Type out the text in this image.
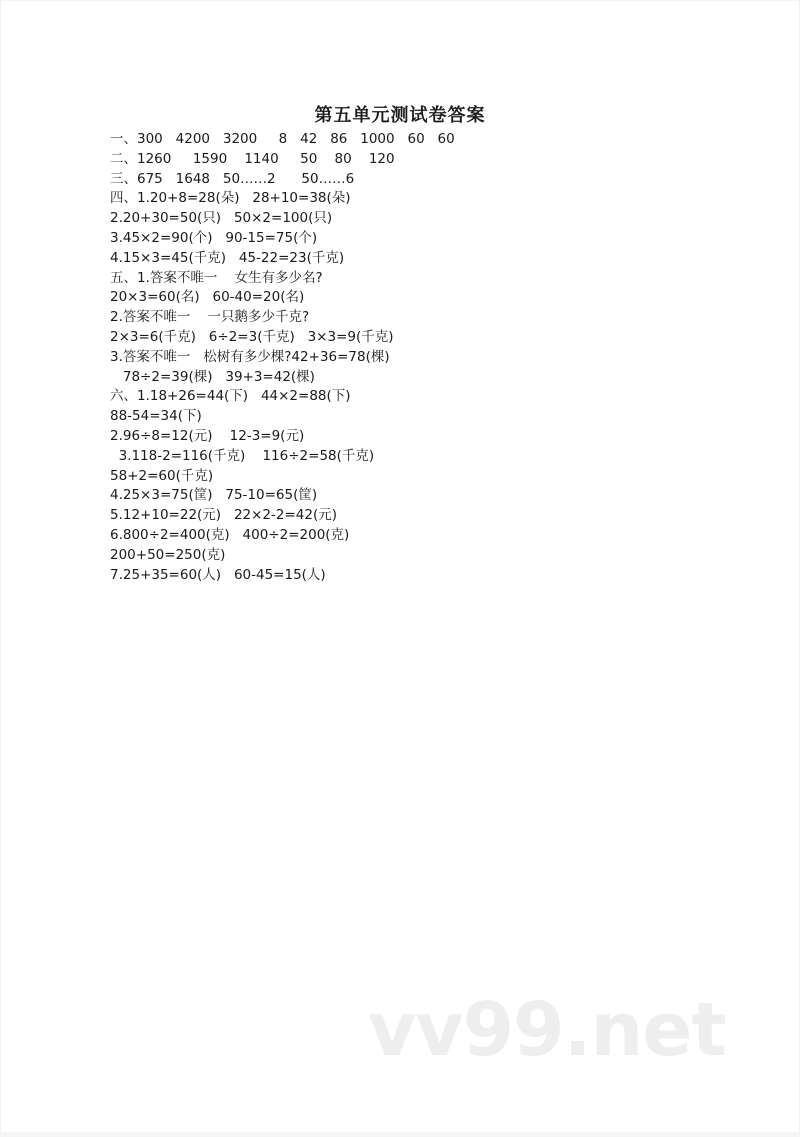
第五单元测试卷答案
一、300   4200   3200     8   42   86   1000   60   60
二、1260     1590    1140     50    80    120
三、675   1648   50……2      50……6
四、1.20+8=28(朵)   28+10=38(朵)
2.20+30=50(只)   50×2=100(只)
3.45×2=90(个)   90-15=75(个)
4.15×3=45(千克)   45-22=23(千克)
五、1.答案不唯一    女生有多少名?
20×3=60(名)   60-40=20(名)
2.答案不唯一    一只鹅多少千克?
2×3=6(千克)   6÷2=3(千克)   3×3=9(千克)
3.答案不唯一   松树有多少棵?42+36=78(棵)
78÷2=39(棵)   39+3=42(棵)
六、1.18+26=44(下)   44×2=88(下)
88-54=34(下)
2.96÷8=12(元)    12-3=9(元)
3.118-2=116(千克)    116÷2=58(千克)
58+2=60(千克)
4.25×3=75(筐)   75-10=65(筐)
5.12+10=22(元)   22×2-2=42(元)
6.800÷2=400(克)   400÷2=200(克)
200+50=250(克)
7.25+35=60(人)   60-45=15(人)
vv99.net
